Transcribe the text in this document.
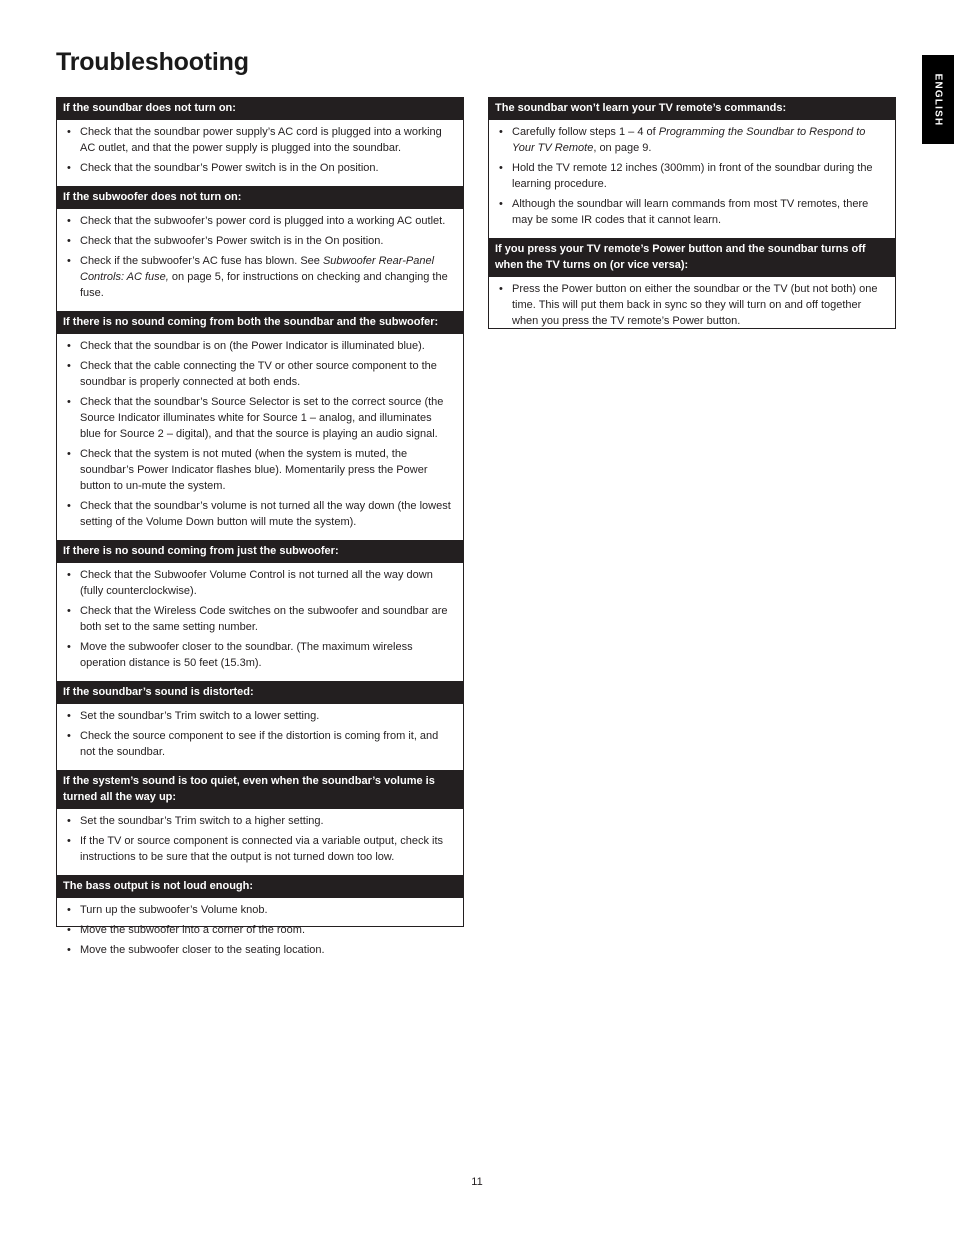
Troubleshooting
ENGLISH
If the soundbar does not turn on:
• Check that the soundbar power supply’s AC cord is plugged into a working AC outlet, and that the power supply is plugged into the soundbar.
• Check that the soundbar’s Power switch is in the On position.
If the subwoofer does not turn on:
• Check that the subwoofer’s power cord is plugged into a working AC outlet.
• Check that the subwoofer’s Power switch is in the On position.
• Check if the subwoofer’s AC fuse has blown. See Subwoofer Rear-Panel Controls: AC fuse, on page 5, for instructions on checking and changing the fuse.
If there is no sound coming from both the soundbar and the subwoofer:
• Check that the soundbar is on (the Power Indicator is illuminated blue).
• Check that the cable connecting the TV or other source component to the soundbar is properly connected at both ends.
• Check that the soundbar’s Source Selector is set to the correct source (the Source Indicator illuminates white for Source 1 – analog, and illuminates blue for Source 2 – digital), and that the source is playing an audio signal.
• Check that the system is not muted (when the system is muted, the soundbar’s Power Indicator flashes blue). Momentarily press the Power button to un-mute the system.
• Check that the soundbar’s volume is not turned all the way down (the lowest setting of the Volume Down button will mute the system).
If there is no sound coming from just the subwoofer:
• Check that the Subwoofer Volume Control is not turned all the way down (fully counterclockwise).
• Check that the Wireless Code switches on the subwoofer and soundbar are both set to the same setting number.
• Move the subwoofer closer to the soundbar. (The maximum wireless operation distance is 50 feet (15.3m).
If the soundbar’s sound is distorted:
• Set the soundbar’s Trim switch to a lower setting.
• Check the source component to see if the distortion is coming from it, and not the soundbar.
If the system’s sound is too quiet, even when the soundbar’s volume is turned all the way up:
• Set the soundbar’s Trim switch to a higher setting.
• If the TV or source component is connected via a variable output, check its instructions to be sure that the output is not turned down too low.
The bass output is not loud enough:
• Turn up the subwoofer’s Volume knob.
• Move the subwoofer into a corner of the room.
• Move the subwoofer closer to the seating location.
The soundbar won’t learn your TV remote’s commands:
• Carefully follow steps 1 – 4 of Programming the Soundbar to Respond to Your TV Remote, on page 9.
• Hold the TV remote 12 inches (300mm) in front of the soundbar during the learning procedure.
• Although the soundbar will learn commands from most TV remotes, there may be some IR codes that it cannot learn.
If you press your TV remote’s Power button and the soundbar turns off when the TV turns on (or vice versa):
• Press the Power button on either the soundbar or the TV (but not both) one time. This will put them back in sync so they will turn on and off together when you press the TV remote’s Power button.
11
